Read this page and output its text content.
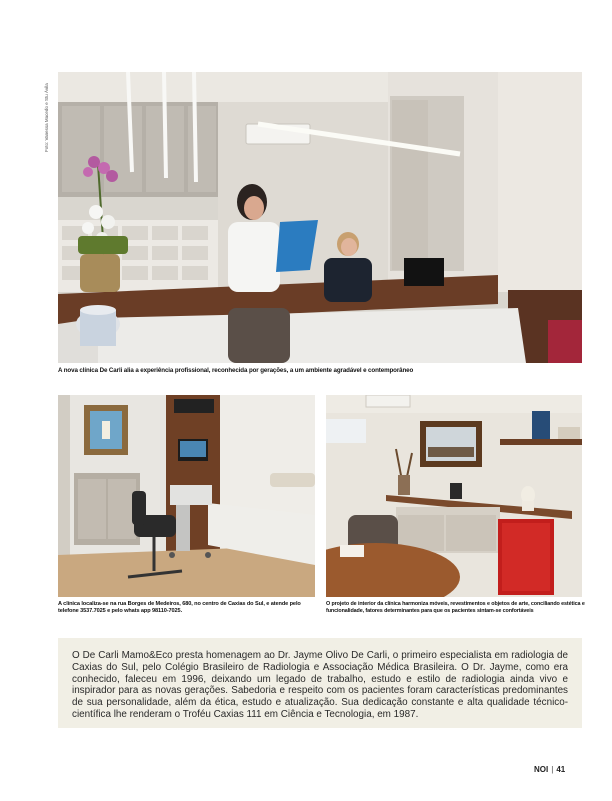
Foto: Vanessa Macedo e Stu Ávila
A nova clínica De Carli alia a experiência profissional, reconhecida por gerações, a um ambiente agradável e contemporâneo
A clínica localiza-se na rua Borges de Medeiros, 680, no centro de Caxias do Sul, e atende pelo telefone 3537.7025 e pelo whats app 98110-7025.
O projeto de interior da clínica harmoniza móveis, revestimentos e objetos de arte, conciliando estética e funcionalidade, fatores determinantes para que os pacientes sintam-se confortáveis

O De Carli Mamo&Eco presta homenagem ao Dr. Jayme Olivo De Carli, o primeiro especialista em radiologia de Caxias do Sul, pelo Colégio Brasileiro de Radiologia e Associação Médica Brasileira. O Dr. Jayme, como era conhecido, faleceu em 1996, deixando um legado de trabalho, estudo e estilo de radiologia ainda vivo e inspirador para as novas gerações. Sabedoria e respeito com os pacientes foram características predominantes de sua personalidade, além da ética, estudo e atualização. Sua dedicação constante e alta qualidade técnico-científica lhe renderam o Troféu Caxias 111 em Ciência e Tecnologia, em 1987.

NOI | 41
